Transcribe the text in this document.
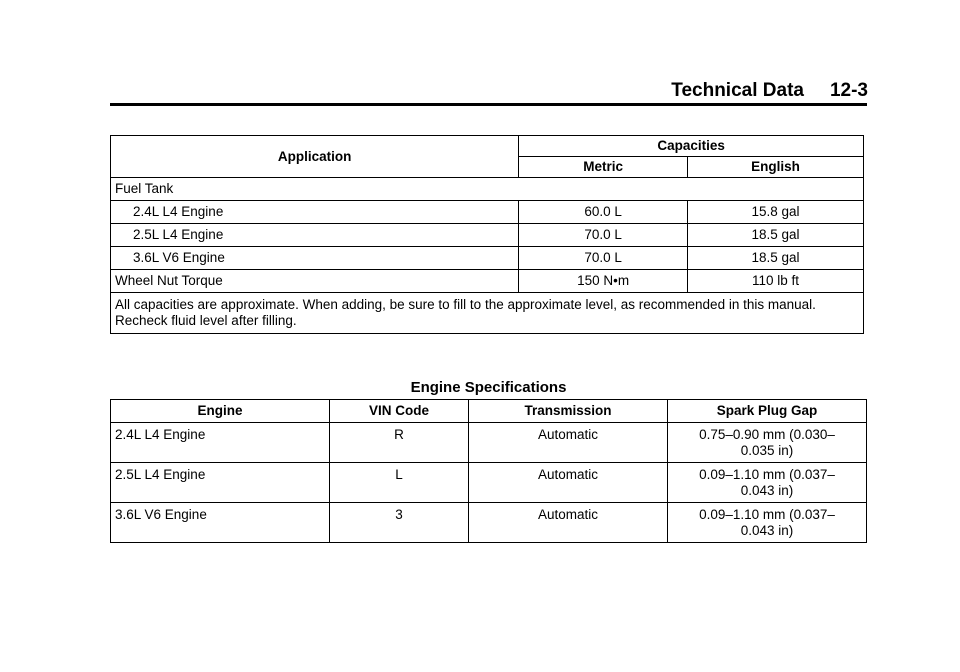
Technical Data 12-3
Application	Capacities	
	Metric	English
Fuel Tank		
2.4L L4 Engine	60.0 L	15.8 gal
2.5L L4 Engine	70.0 L	18.5 gal
3.6L V6 Engine	70.0 L	18.5 gal
Wheel Nut Torque	150 N•m	110 lb ft
All capacities are approximate. When adding, be sure to fill to the approximate level, as recommended in this manual. Recheck fluid level after filling.		
Engine Specifications
Engine	VIN Code	Transmission	Spark Plug Gap
2.4L L4 Engine	R	Automatic	0.75–0.90 mm (0.030–
0.035 in)

2.5L L4 Engine	L	Automatic	0.09–1.10 mm (0.037–
0.043 in)

3.6L V6 Engine	3	Automatic	0.09–1.10 mm (0.037–
0.043 in)
